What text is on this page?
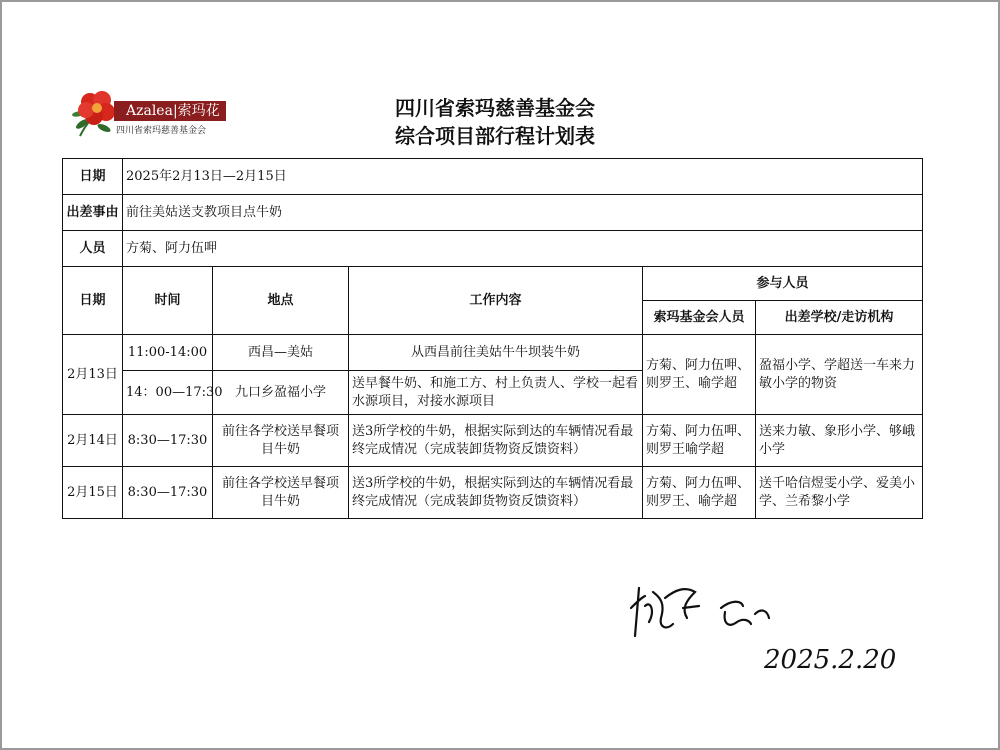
Azalea|索玛花
四川省索玛慈善基金会
四川省索玛慈善基金会
综合项目部行程计划表
日期	2025年2月13日—2月15日				
出差事由	前往美姑送支教项目点牛奶				
人员	方菊、阿力伍呷				
日期	时间	地点	工作内容	参与人员	
				索玛基金会人员	出差学校/走访机构
2月13日	11:00-14:00	西昌—美姑	从西昌前往美姑牛牛坝装牛奶	方菊、阿力伍呷、则罗王、喻学超	盈福小学、学超送一车来力敏小学的物资
	14：00—17:30	九口乡盈福小学	送早餐牛奶、和施工方、村上负责人、学校一起看水源项目，对接水源项目		
2月14日	8:30—17:30	前往各学校送早餐项目牛奶	送3所学校的牛奶，根据实际到达的车辆情况看最终完成情况（完成装卸货物资反馈资料）	方菊、阿力伍呷、则罗王喻学超	送来力敏、象形小学、够峨小学
2月15日	8:30—17:30	前往各学校送早餐项目牛奶	送3所学校的牛奶，根据实际到达的车辆情况看最终完成情况（完成装卸货物资反馈资料）	方菊、阿力伍呷、则罗王、喻学超	送千哈信煜雯小学、爱美小学、兰希黎小学
2025.2.20
